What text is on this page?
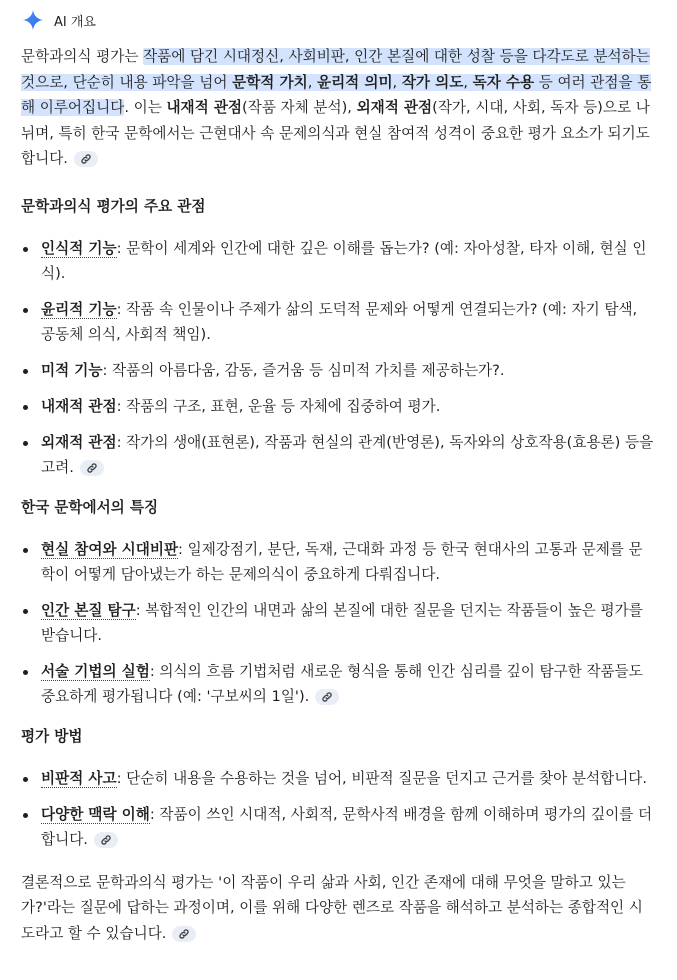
AI 개요

문학과의식 평가는 작품에 담긴 시대정신, 사회비판, 인간 본질에 대한 성찰 등을 다각도로 분석하는 것으로, 단순히 내용 파악을 넘어 문학적 가치, 윤리적 의미, 작가 의도, 독자 수용 등 여러 관점을 통해 이루어집니다. 이는 내재적 관점(작품 자체 분석), 외재적 관점(작가, 시대, 사회, 독자 등)으로 나뉘며, 특히 한국 문학에서는 근현대사 속 문제의식과 현실 참여적 성격이 중요한 평가 요소가 되기도 합니다.

문학과의식 평가의 주요 관점
인식적 기능: 문학이 세계와 인간에 대한 깊은 이해를 돕는가? (예: 자아성찰, 타자 이해, 현실 인식).
윤리적 기능: 작품 속 인물이나 주제가 삶의 도덕적 문제와 어떻게 연결되는가? (예: 자기 탐색, 공동체 의식, 사회적 책임).
미적 기능: 작품의 아름다움, 감동, 즐거움 등 심미적 가치를 제공하는가?.
내재적 관점: 작품의 구조, 표현, 운율 등 자체에 집중하여 평가.
외재적 관점: 작가의 생애(표현론), 작품과 현실의 관계(반영론), 독자와의 상호작용(효용론) 등을 고려.
한국 문학에서의 특징
현실 참여와 시대비판: 일제강점기, 분단, 독재, 근대화 과정 등 한국 현대사의 고통과 문제를 문학이 어떻게 담아냈는가 하는 문제의식이 중요하게 다뤄집니다.
인간 본질 탐구: 복합적인 인간의 내면과 삶의 본질에 대한 질문을 던지는 작품들이 높은 평가를 받습니다.
서술 기법의 실험: 의식의 흐름 기법처럼 새로운 형식을 통해 인간 심리를 깊이 탐구한 작품들도 중요하게 평가됩니다 (예: '구보씨의 1일').
평가 방법
비판적 사고: 단순히 내용을 수용하는 것을 넘어, 비판적 질문을 던지고 근거를 찾아 분석합니다.
다양한 맥락 이해: 작품이 쓰인 시대적, 사회적, 문학사적 배경을 함께 이해하며 평가의 깊이를 더합니다.

결론적으로 문학과의식 평가는 '이 작품이 우리 삶과 사회, 인간 존재에 대해 무엇을 말하고 있는가?'라는 질문에 답하는 과정이며, 이를 위해 다양한 렌즈로 작품을 해석하고 분석하는 종합적인 시도라고 할 수 있습니다.
